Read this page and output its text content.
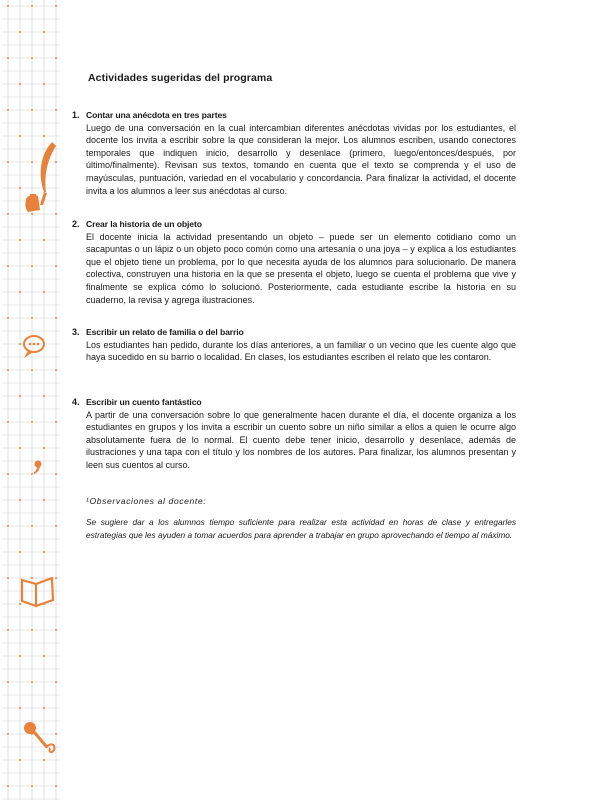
Actividades sugeridas del programa
1. Contar una anécdota en tres partes

Luego de una conversación en la cual intercambian diferentes anécdotas vividas por los estudiantes, el docente los invita a escribir sobre la que consideran la mejor. Los alumnos escriben, usando conectores temporales que indiquen inicio, desarrollo y desenlace (primero, luego/entonces/después, por último/finalmente). Revisan sus textos, tomando en cuenta que el texto se comprenda y el uso de mayúsculas, puntuación, variedad en el vocabulario y concordancia. Para finalizar la actividad, el docente invita a los alumnos a leer sus anécdotas al curso.

2. Crear la historia de un objeto

El docente inicia la actividad presentando un objeto – puede ser un elemento cotidiano como un sacapuntas o un lápiz o un objeto poco común como una artesanía o una joya – y explica a los estudiantes que el objeto tiene un problema, por lo que necesita ayuda de los alumnos para solucionarlo. De manera colectiva, construyen una historia en la que se presenta el objeto, luego se cuenta el problema que vive y finalmente se explica cómo lo solucionó. Posteriormente, cada estudiante escribe la historia en su cuaderno, la revisa y agrega ilustraciones.

3. Escribir un relato de familia o del barrio

Los estudiantes han pedido, durante los días anteriores, a un familiar o un vecino que les cuente algo que haya sucedido en su barrio o localidad. En clases, los estudiantes escriben el relato que les contaron.

4. Escribir un cuento fantástico

A partir de una conversación sobre lo que generalmente hacen durante el día, el docente organiza a los estudiantes en grupos y los invita a escribir un cuento sobre un niño similar a ellos a quien le ocurre algo absolutamente fuera de lo normal. El cuento debe tener inicio, desarrollo y desenlace, además de ilustraciones y una tapa con el título y los nombres de los autores. Para finalizar, los alumnos presentan y leen sus cuentos al curso.

¹Observaciones al docente:

Se sugiere dar a los alumnos tiempo suficiente para realizar esta actividad en horas de clase y entregarles estrategias que les ayuden a tomar acuerdos para aprender a trabajar en grupo aprovechando el tiempo al máximo.
